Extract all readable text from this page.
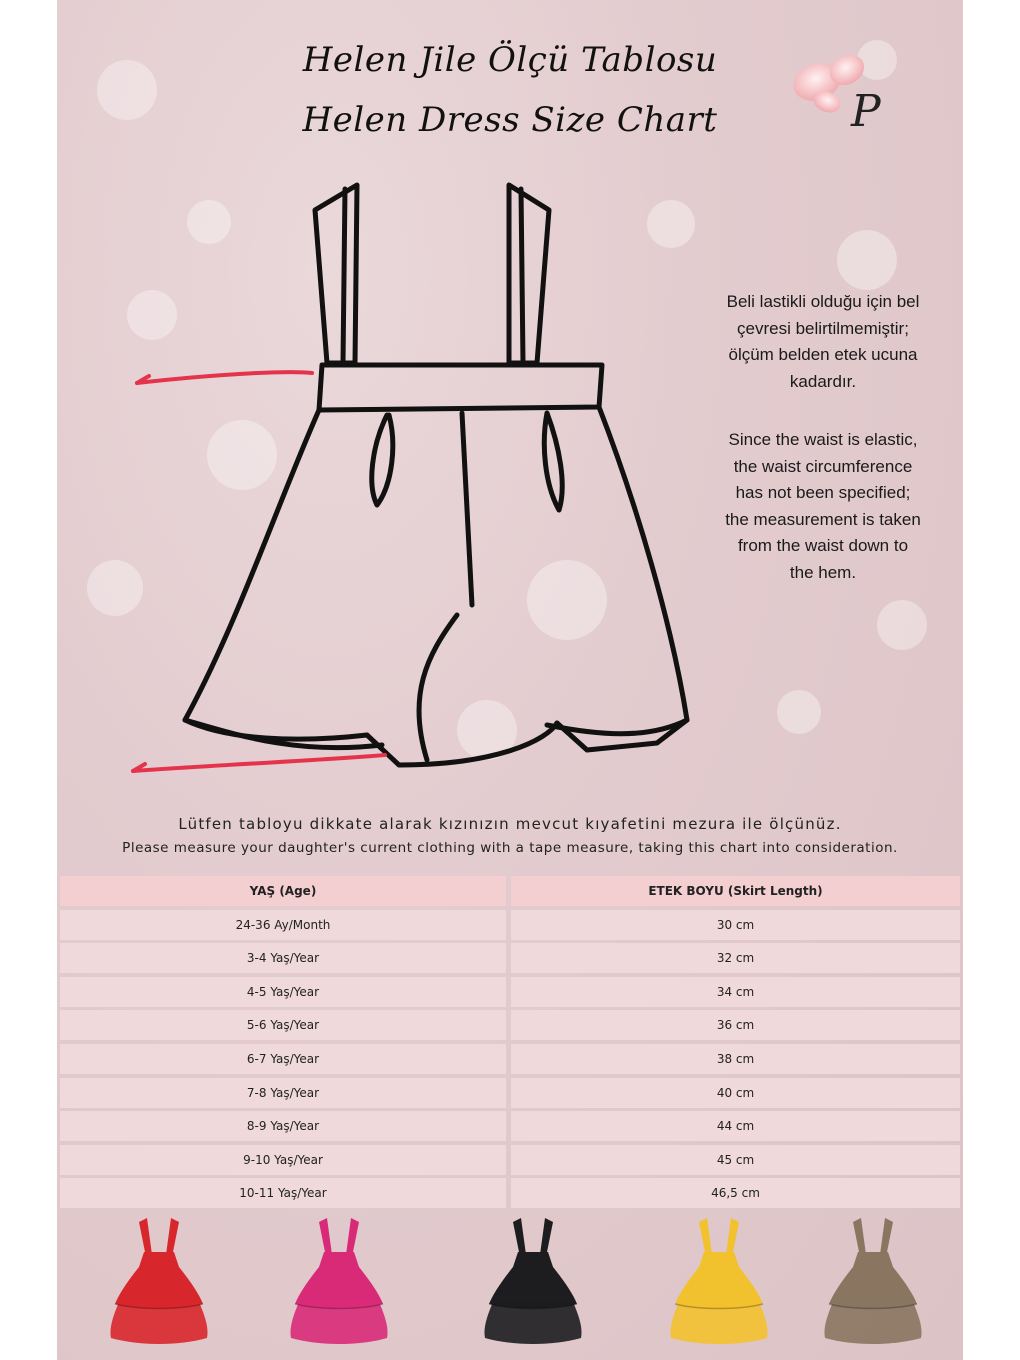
Helen Jile Ölçü Tablosu
Helen Dress Size Chart	P
Beli lastikli olduğu için bel çevresi belirtilmemiştir; ölçüm belden etek ucuna kadardır.
Since the waist is elastic, the waist circumference has not been specified; the measurement is taken from the waist down to the hem.
Lütfen tabloyu dikkate alarak kızınızın mevcut kıyafetini mezura ile ölçünüz.
Please measure your daughter's current clothing with a tape measure, taking this chart into consideration.
YAŞ (Age)	ETEK BOYU (Skirt Length)
24-36 Ay/Month	30 cm
3-4 Yaş/Year	32 cm
4-5 Yaş/Year	34 cm
5-6 Yaş/Year	36 cm
6-7 Yaş/Year	38 cm
7-8 Yaş/Year	40 cm
8-9 Yaş/Year	44 cm
9-10 Yaş/Year	45 cm
10-11 Yaş/Year	46,5 cm
